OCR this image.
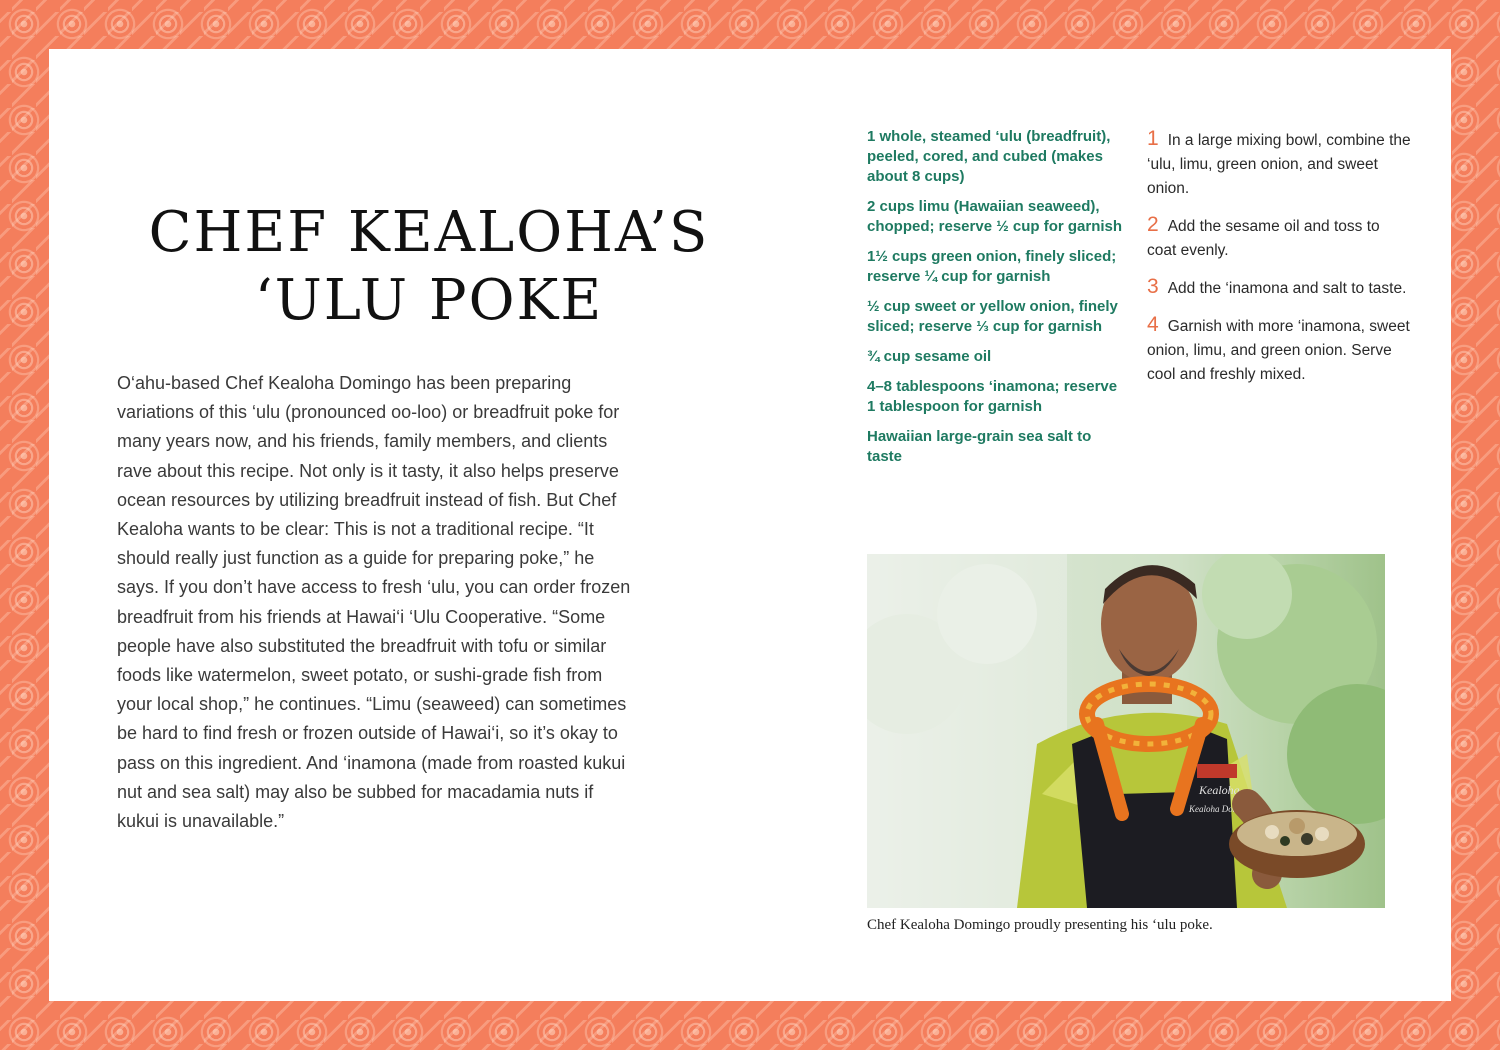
CHEF KEALOHA’S
‘ULU POKE

O‘ahu-based Chef Kealoha Domingo has been preparing variations of this ‘ulu (pronounced oo-loo) or breadfruit poke for many years now, and his friends, family members, and clients rave about this recipe. Not only is it tasty, it also helps preserve ocean resources by utilizing breadfruit instead of fish. But Chef Kealoha wants to be clear: This is not a traditional recipe. “It should really just function as a guide for preparing poke,” he says. If you don’t have access to fresh ‘ulu, you can order frozen breadfruit from his friends at Hawai‘i ‘Ulu Cooperative. “Some people have also substituted the breadfruit with tofu or similar foods like watermelon, sweet potato, or sushi-grade fish from your local shop,” he continues. “Limu (seaweed) can sometimes be hard to find fresh or frozen outside of Hawai‘i, so it’s okay to pass on this ingredient. And ‘inamona (made from roasted kukui nut and sea salt) may also be subbed for macadamia nuts if kukui is unavailable.”

1 whole, steamed ‘ulu (breadfruit), peeled, cored, and cubed (makes about 8 cups)
2 cups limu (Hawaiian seaweed), chopped; reserve ½ cup for garnish
1½ cups green onion, finely sliced; reserve ¼ cup for garnish
½ cup sweet or yellow onion, finely sliced; reserve ⅓ cup for garnish
¾ cup sesame oil
4–8 tablespoons ‘inamona; reserve 1 tablespoon for garnish
Hawaiian large-grain sea salt to taste
1 In a large mixing bowl, combine the ‘ulu, limu, green onion, and sweet onion.
2 Add the sesame oil and toss to coat evenly.
3 Add the ‘inamona and salt to taste.
4 Garnish with more ‘inamona, sweet onion, limu, and green onion. Serve cool and freshly mixed.
Kealoha
Kealoha Domingo

Chef Kealoha Domingo proudly presenting his ‘ulu poke.
